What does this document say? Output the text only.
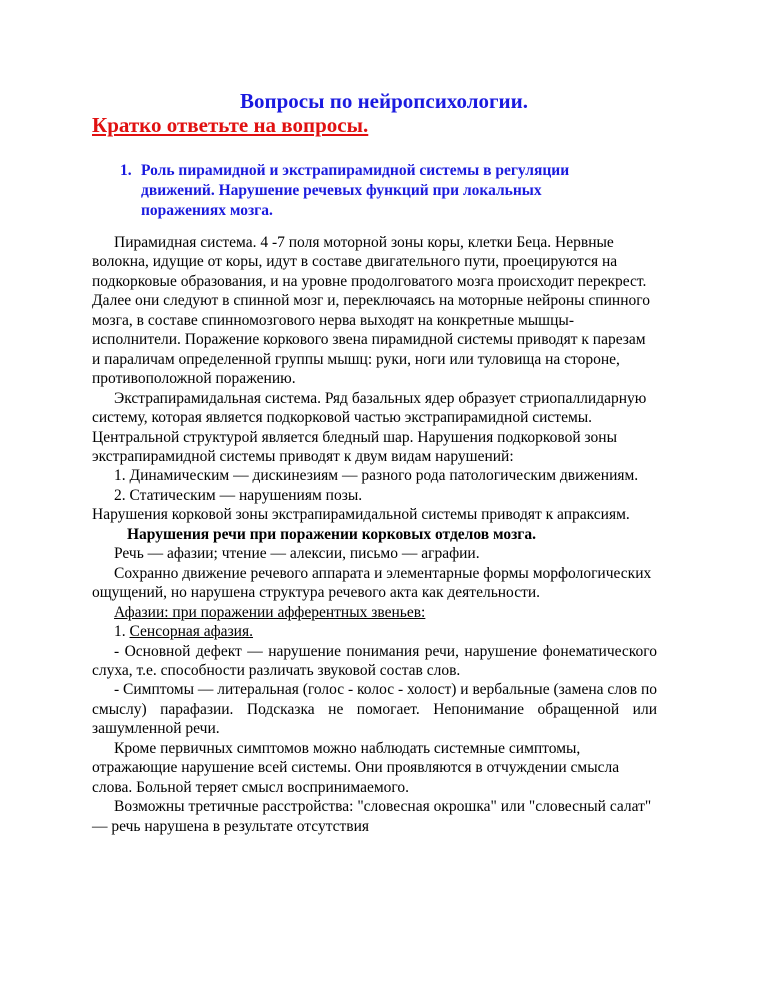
Вопросы по нейропсихологии.
Кратко ответьте на вопросы.
1. Роль пирамидной и экстрапирамидной системы в регуляции движений. Нарушение речевых функций при локальных поражениях мозга.

Пирамидная система. 4 -7 поля моторной зоны коры, клетки Беца. Нервные волокна, идущие от коры, идут в составе двигательного пути, проецируются на подкорковые образования, и на уровне продолговатого мозга происходит перекрест. Далее они следуют в спинной мозг и, переключаясь на моторные нейроны спинного мозга, в составе спинномозгового нерва выходят на конкретные мышцы-исполнители. Поражение коркового звена пирамидной системы приводят к парезам и параличам определенной группы мышц: руки, ноги или туловища на стороне, противоположной поражению.

Экстрапирамидальная система. Ряд базальных ядер образует стриопаллидарную систему, которая является подкорковой частью экстрапирамидной системы. Центральной структурой является бледный шар. Нарушения подкорковой зоны экстрапирамидной системы приводят к двум видам нарушений:

1. Динамическим — дискинезиям — разного рода патологическим движениям.

2. Статическим — нарушениям позы.

Нарушения корковой зоны экстрапирамидальной системы приводят к апраксиям.

Нарушения речи при поражении корковых отделов мозга.

Речь — афазии; чтение — алексии, письмо — аграфии.

Сохранно движение речевого аппарата и элементарные формы морфологических ощущений, но нарушена структура речевого акта как деятельности.

Афазии: при поражении афферентных звеньев:

1. Сенсорная афазия.

- Основной дефект — нарушение понимания речи, нарушение фонематического слуха, т.е. способности различать звуковой состав слов.

- Симптомы — литеральная (голос - колос - холост) и вербальные (замена слов по смыслу) парафазии. Подсказка не помогает. Непонимание обращенной или зашумленной речи.

Кроме первичных симптомов можно наблюдать системные симптомы, отражающие нарушение всей системы. Они проявляются в отчуждении смысла слова. Больной теряет смысл воспринимаемого.

Возможны третичные расстройства: "словесная окрошка" или "словесный салат" — речь нарушена в результате отсутствия
